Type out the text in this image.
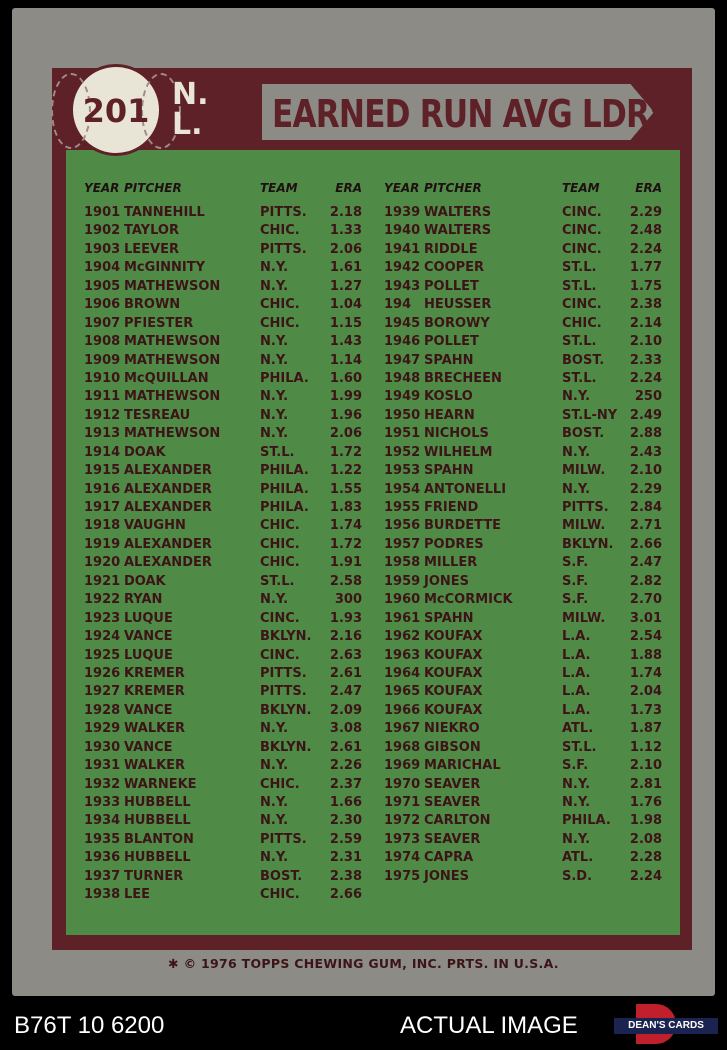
EARNED RUN AVG LDRS
201 N.
L.
YEAR PITCHER	TEAM	ERA
1901 TANNEHILL	PITTS.	2.18
1902 TAYLOR	CHIC.	1.33
1903 LEEVER	PITTS.	2.06
1904 McGINNITY	N.Y.	1.61
1905 MATHEWSON	N.Y.	1.27
1906 BROWN	CHIC.	1.04
1907 PFIESTER	CHIC.	1.15
1908 MATHEWSON	N.Y.	1.43
1909 MATHEWSON	N.Y.	1.14
1910 McQUILLAN	PHILA.	1.60
1911 MATHEWSON	N.Y.	1.99
1912 TESREAU	N.Y.	1.96
1913 MATHEWSON	N.Y.	2.06
1914 DOAK	ST.L.	1.72
1915 ALEXANDER	PHILA.	1.22
1916 ALEXANDER	PHILA.	1.55
1917 ALEXANDER	PHILA.	1.83
1918 VAUGHN	CHIC.	1.74
1919 ALEXANDER	CHIC.	1.72
1920 ALEXANDER	CHIC.	1.91
1921 DOAK	ST.L.	2.58
1922 RYAN	N.Y.	300
1923 LUQUE	CINC.	1.93
1924 VANCE	BKLYN.	2.16
1925 LUQUE	CINC.	2.63
1926 KREMER	PITTS.	2.61
1927 KREMER	PITTS.	2.47
1928 VANCE	BKLYN.	2.09
1929 WALKER	N.Y.	3.08
1930 VANCE	BKLYN.	2.61
1931 WALKER	N.Y.	2.26
1932 WARNEKE	CHIC.	2.37
1933 HUBBELL	N.Y.	1.66
1934 HUBBELL	N.Y.	2.30
1935 BLANTON	PITTS.	2.59
1936 HUBBELL	N.Y.	2.31
1937 TURNER	BOST.	2.38
1938 LEE	CHIC.	2.66
YEAR PITCHER	TEAM	ERA
1939 WALTERS	CINC.	2.29
1940 WALTERS	CINC.	2.48
1941 RIDDLE	CINC.	2.24
1942 COOPER	ST.L.	1.77
1943 POLLET	ST.L.	1.75
194 HEUSSER	CINC.	2.38
1945 BOROWY	CHIC.	2.14
1946 POLLET	ST.L.	2.10
1947 SPAHN	BOST.	2.33
1948 BRECHEEN	ST.L.	2.24
1949 KOSLO	N.Y.	250
1950 HEARN	ST.L-NY 2.49
1951 NICHOLS	BOST.	2.88
1952 WILHELM	N.Y.	2.43
1953 SPAHN	MILW.	2.10
1954 ANTONELLI	N.Y.	2.29
1955 FRIEND	PITTS.	2.84
1956 BURDETTE	MILW.	2.71
1957 PODRES	BKLYN.	2.66
1958 MILLER	S.F.	2.47
1959 JONES	S.F.	2.82
1960 McCORMICK	S.F.	2.70
1961 SPAHN	MILW.	3.01
1962 KOUFAX	L.A.	2.54
1963 KOUFAX	L.A.	1.88
1964 KOUFAX	L.A.	1.74
1965 KOUFAX	L.A.	2.04
1966 KOUFAX	L.A.	1.73
1967 NIEKRO	ATL.	1.87
1968 GIBSON	ST.L.	1.12
1969 MARICHAL	S.F.	2.10
1970 SEAVER	N.Y.	2.81
1971 SEAVER	N.Y.	1.76
1972 CARLTON	PHILA.	1.98
1973 SEAVER	N.Y.	2.08
1974 CAPRA	ATL.	2.28
1975 JONES	S.D.	2.24
✱ © 1976 TOPPS CHEWING GUM, INC. PRTS. IN U.S.A.
B76T 10 6200	ACTUAL IMAGE	DEAN'S CARDS
